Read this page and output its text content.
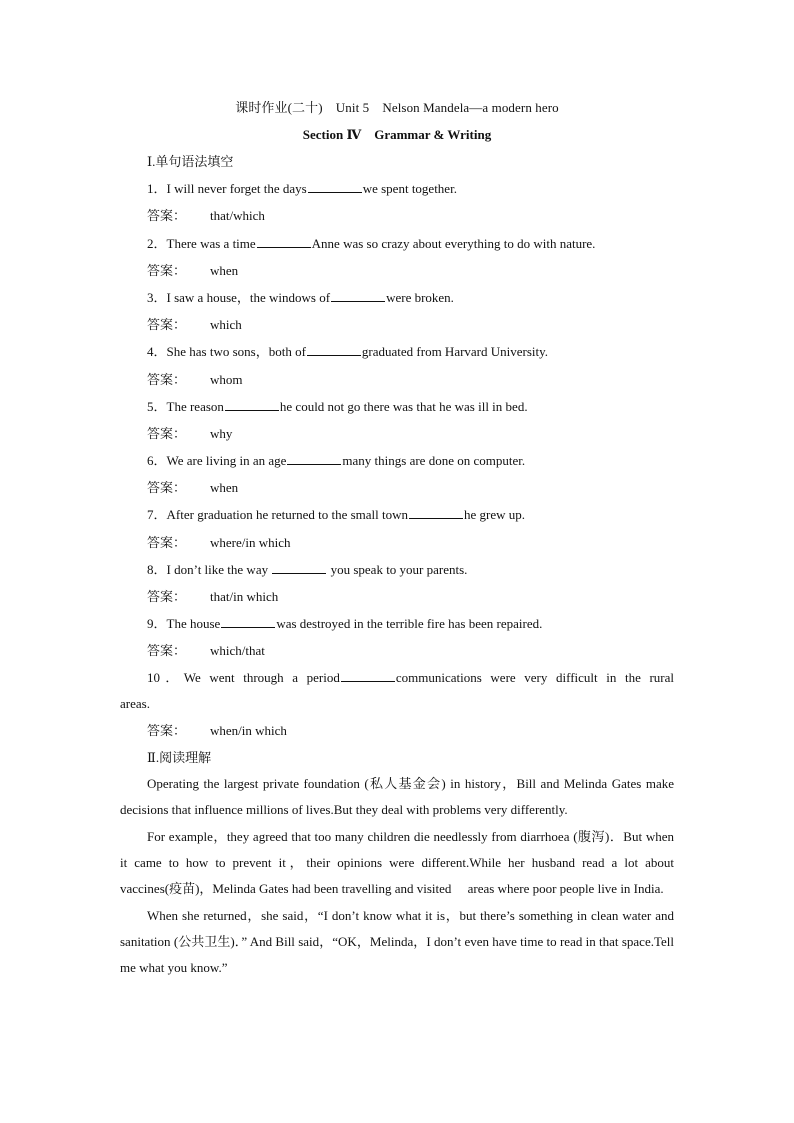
课时作业(二十)　Unit 5　Nelson Mandela—a modern hero
Section Ⅳ　Grammar & Writing
Ⅰ.单句语法填空
1．I will never forget the days	we spent together.
答案： that/which
2．There was a time	Anne was so crazy about everything to do with nature.
答案： when
3．I saw a house，the windows of	were broken.
答案： which
4．She has two sons，both of	graduated from Harvard University.
答案： whom
5．The reason	he could not go there was that he was ill in bed.
答案： why
6．We are living in an age	many things are done on computer.
答案： when
7．After graduation he returned to the small town	he grew up.
答案： where/in which
8．I don’t like the way	you speak to your parents.
答案： that/in which
9．The house	was destroyed in the terrible fire has been repaired.
答案： which/that
10．We went through a period	communications were very difficult in the rural
areas.
答案： when/in which
Ⅱ.阅读理解
Operating the largest private foundation (私人基金会) in history，Bill and Melinda Gates make decisions that influence millions of lives.But they deal with problems very differently.
For example，they agreed that too many children die needlessly from diarrhoea (腹泻)．But when it came to how to prevent it，their opinions were different.While her husband read a lot about vaccines(疫苗)，Melinda Gates had been travelling and visited　 areas where poor people live in India.
When she returned，she said，“I don’t know what it is，but there’s something in clean water and sanitation (公共卫生)．” And Bill said，“OK，Melinda，I don’t even have time to read in that space.Tell me what you know.”
